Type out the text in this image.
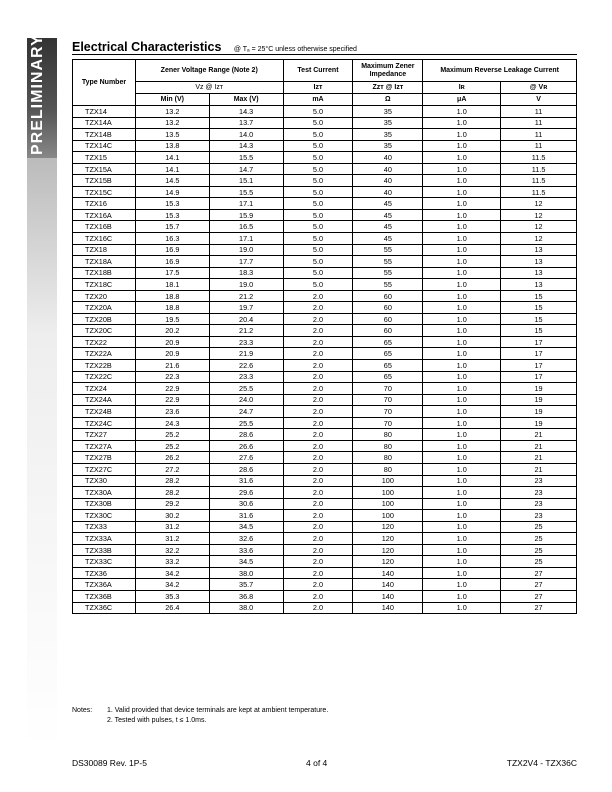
PRELIMINARY Electrical Characteristics @ Tₐ = 25°C unless otherwise specified
Type Number	Zener Voltage Range (Note 2)		Test Current	Maximum Zener Impedance	Maximum Reverse Leakage Current	
	Vᴢ @ Iᴢᴛ		Iᴢᴛ	Zᴢᴛ @ Iᴢᴛ	Iʀ	@ Vʀ
	Min (V)	Max (V)	mA	Ω	μA	V
TZX14	13.2	14.3	5.0	35	1.0	11
TZX14A	13.2	13.7	5.0	35	1.0	11
TZX14B	13.5	14.0	5.0	35	1.0	11
TZX14C	13.8	14.3	5.0	35	1.0	11
TZX15	14.1	15.5	5.0	40	1.0	11.5
TZX15A	14.1	14.7	5.0	40	1.0	11.5
TZX15B	14.5	15.1	5.0	40	1.0	11.5
TZX15C	14.9	15.5	5.0	40	1.0	11.5
TZX16	15.3	17.1	5.0	45	1.0	12
TZX16A	15.3	15.9	5.0	45	1.0	12
TZX16B	15.7	16.5	5.0	45	1.0	12
TZX16C	16.3	17.1	5.0	45	1.0	12
TZX18	16.9	19.0	5.0	55	1.0	13
TZX18A	16.9	17.7	5.0	55	1.0	13
TZX18B	17.5	18.3	5.0	55	1.0	13
TZX18C	18.1	19.0	5.0	55	1.0	13
TZX20	18.8	21.2	2.0	60	1.0	15
TZX20A	18.8	19.7	2.0	60	1.0	15
TZX20B	19.5	20.4	2.0	60	1.0	15
TZX20C	20.2	21.2	2.0	60	1.0	15
TZX22	20.9	23.3	2.0	65	1.0	17
TZX22A	20.9	21.9	2.0	65	1.0	17
TZX22B	21.6	22.6	2.0	65	1.0	17
TZX22C	22.3	23.3	2.0	65	1.0	17
TZX24	22.9	25.5	2.0	70	1.0	19
TZX24A	22.9	24.0	2.0	70	1.0	19
TZX24B	23.6	24.7	2.0	70	1.0	19
TZX24C	24.3	25.5	2.0	70	1.0	19
TZX27	25.2	28.6	2.0	80	1.0	21
TZX27A	25.2	26.6	2.0	80	1.0	21
TZX27B	26.2	27.6	2.0	80	1.0	21
TZX27C	27.2	28.6	2.0	80	1.0	21
TZX30	28.2	31.6	2.0	100	1.0	23
TZX30A	28.2	29.6	2.0	100	1.0	23
TZX30B	29.2	30.6	2.0	100	1.0	23
TZX30C	30.2	31.6	2.0	100	1.0	23
TZX33	31.2	34.5	2.0	120	1.0	25
TZX33A	31.2	32.6	2.0	120	1.0	25
TZX33B	32.2	33.6	2.0	120	1.0	25
TZX33C	33.2	34.5	2.0	120	1.0	25
TZX36	34.2	38.0	2.0	140	1.0	27
TZX36A	34.2	35.7	2.0	140	1.0	27
TZX36B	35.3	36.8	2.0	140	1.0	27
TZX36C	26.4	38.0	2.0	140	1.0	27
Notes: 1. Valid provided that device terminals are kept at ambient temperature.
2. Tested with pulses, t ≤ 1.0ms.
DS30089 Rev. 1P-5	4 of 4	TZX2V4 - TZX36C
